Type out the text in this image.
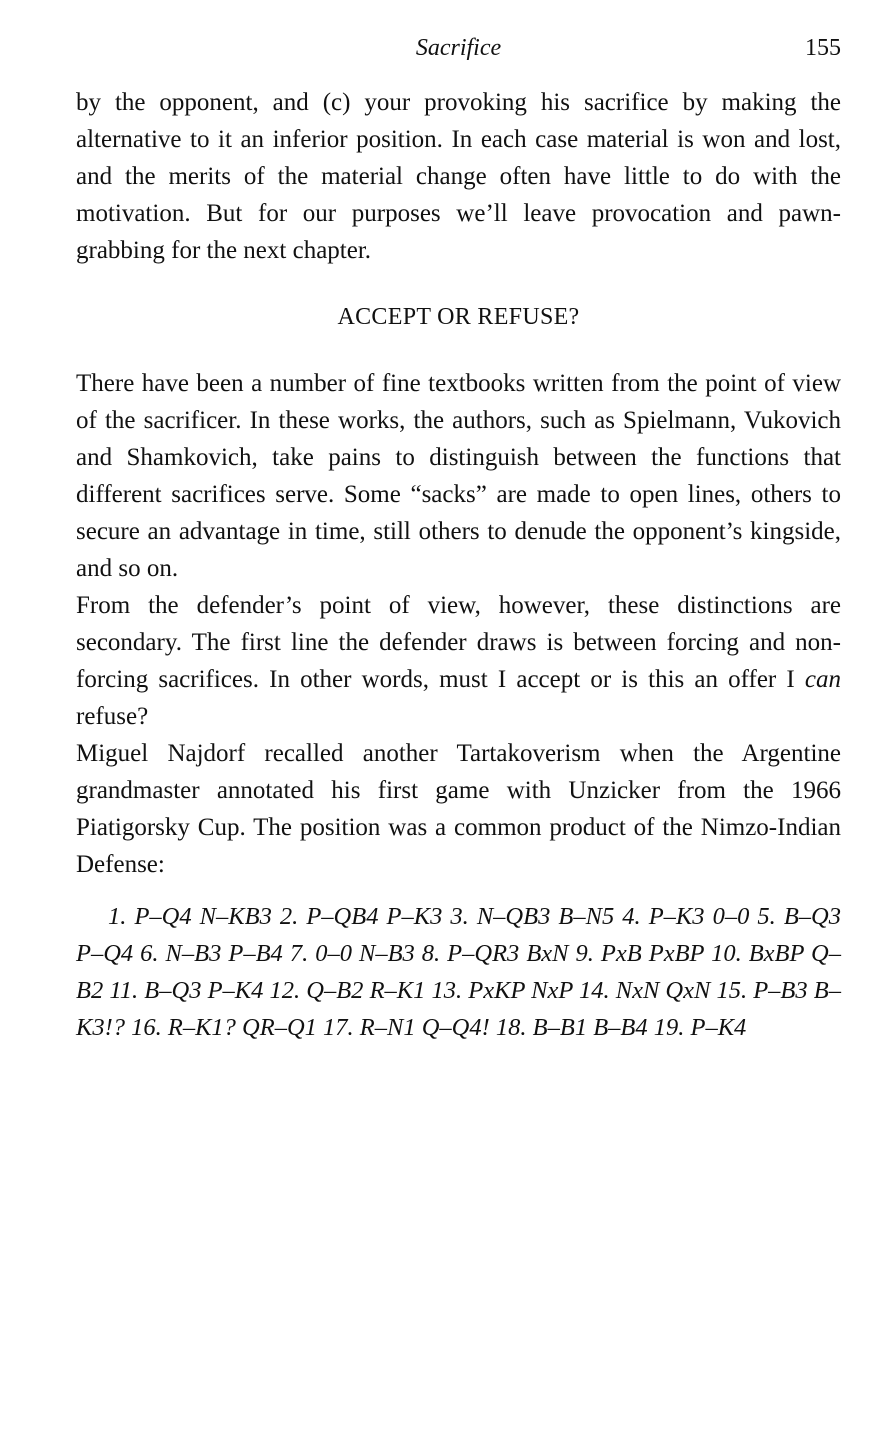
Sacrifice	155

by the opponent, and (c) your provoking his sacrifice by making the alternative to it an inferior position. In each case material is won and lost, and the merits of the material change often have little to do with the motivation. But for our purposes we’ll leave provocation and pawn-grabbing for the next chapter.

ACCEPT OR REFUSE?

There have been a number of fine textbooks written from the point of view of the sacrificer. In these works, the authors, such as Spielmann, Vukovich and Shamkovich, take pains to distinguish between the functions that different sacrifices serve. Some “sacks” are made to open lines, others to secure an advantage in time, still others to denude the opponent’s kingside, and so on.

From the defender’s point of view, however, these distinctions are secondary. The first line the defender draws is between forcing and non-forcing sacrifices. In other words, must I accept or is this an offer I can refuse?

Miguel Najdorf recalled another Tartakoverism when the Argentine grandmaster annotated his first game with Unzicker from the 1966 Piatigorsky Cup. The position was a common product of the Nimzo-Indian Defense:

1. P–Q4 N–KB3 2. P–QB4 P–K3 3. N–QB3 B–N5 4. P–K3 0–0 5. B–Q3 P–Q4 6. N–B3 P–B4 7. 0–0 N–B3 8. P–QR3 BxN 9. PxB PxBP 10. BxBP Q–B2 11. B–Q3 P–K4 12. Q–B2 R–K1 13. PxKP NxP 14. NxN QxN 15. P–B3 B–K3!? 16. R–K1? QR–Q1 17. R–N1 Q–Q4! 18. B–B1 B–B4 19. P–K4
